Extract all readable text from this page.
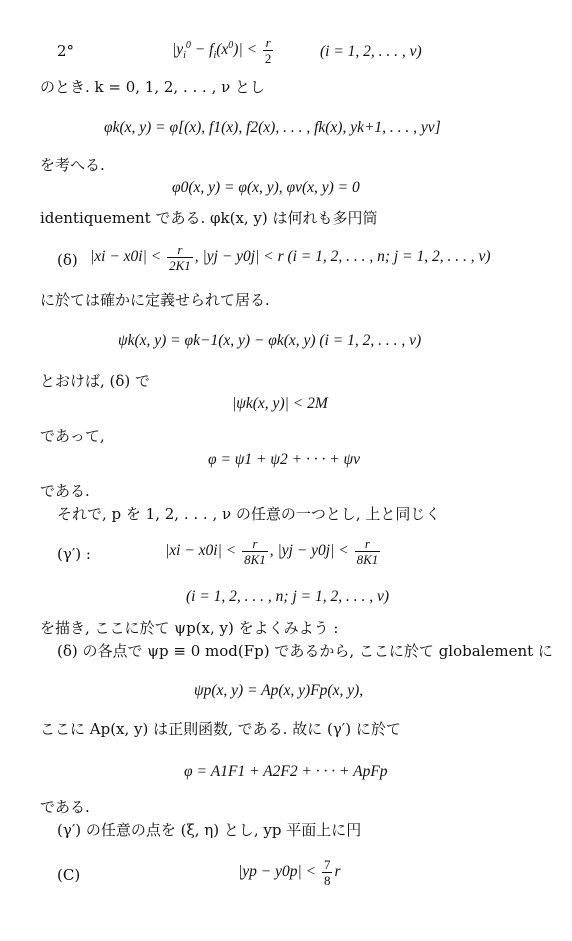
2°	$|y_i^0 - f_i(x^0)| < \frac{r}{2}$	(i = 1, 2, . . . , ν)
のとき. k = 0, 1, 2, . . . , ν とし
φk(x, y) = φ[(x), f1(x), f2(x), . . . , fk(x), yk+1, . . . , yν]
を考へる.
φ0(x, y) = φ(x, y), φν(x, y) = 0
identiquement である. φk(x, y) は何れも多円筒
(δ) $|xi - x0i| < \frac{r}{2K1}$ , |yj − y0j| < r (i = 1, 2, . . . , n; j = 1, 2, . . . , ν)
に於ては確かに定義せられて居る.
ψk(x, y) = φk−1(x, y) − φk(x, y) (i = 1, 2, . . . , ν)
とおけば, (δ) で
|ψk(x, y)| < 2M
であって,
φ = ψ1 + ψ2 + · · · + ψν
である.
それで, p を 1, 2, . . . , ν の任意の一つとし, 上と同じく
(γ′) :	$|xi - x0i| < \frac{r}{8K1}$ , $|yj - y0j| < \frac{r}{8K1}$
(i = 1, 2, . . . , n; j = 1, 2, . . . , ν)
を描き, ここに於て ψp(x, y) をよくみよう :
(δ) の各点で ψp ≡ 0 mod(Fp) であるから, ここに於て globalement に
ψp(x, y) = Ap(x, y)Fp(x, y),
ここに Ap(x, y) は正則函数, である. 故に (γ′) に於て
φ = A1F1 + A2F2 + · · · + ApFp
である.
(γ′) の任意の点を (ξ, η) とし, yp 平面上に円
(C)	$|yp - y0p| < \frac{7}{8}$ r
